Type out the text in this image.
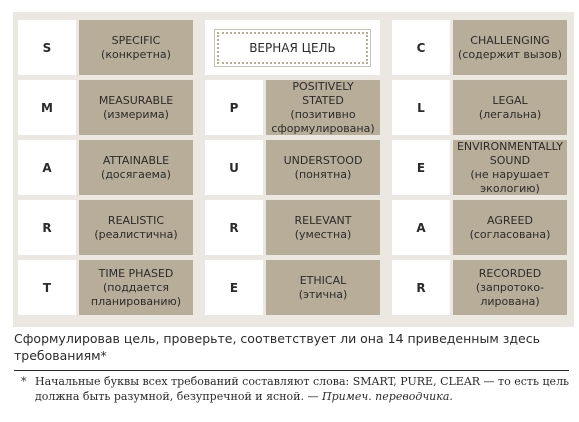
S
SPECIFIC
(конкретна)
M
MEASURABLE
(измерима)
A
ATTAINABLE
(досягаема)
R
REALISTIC
(реалистична)
T
TIME PHASED
(поддается планированию)
ВЕРНАЯ ЦЕЛЬ
P
POSITIVELY STATED
(позитивно сформулирована)
U
UNDERSTOOD
(понятна)
R
RELEVANT
(уместна)
E
ETHICAL
(этична)
C
CHALLENGING
(содержит вызов)
L
LEGAL
(легальна)
E
ENVIRONMENTALLY SOUND
(не нарушает экологию)
A
AGREED
(согласована)
R
RECORDED
(запротоко-лирована)
Сформулировав цель, проверьте, соответствует ли она 14 приведенным здесь требованиям*
* Начальные буквы всех требований составляют слова: SMART, PURE, CLEAR — то есть цель должна быть разумной, безупречной и ясной. — Примеч. переводчика.
